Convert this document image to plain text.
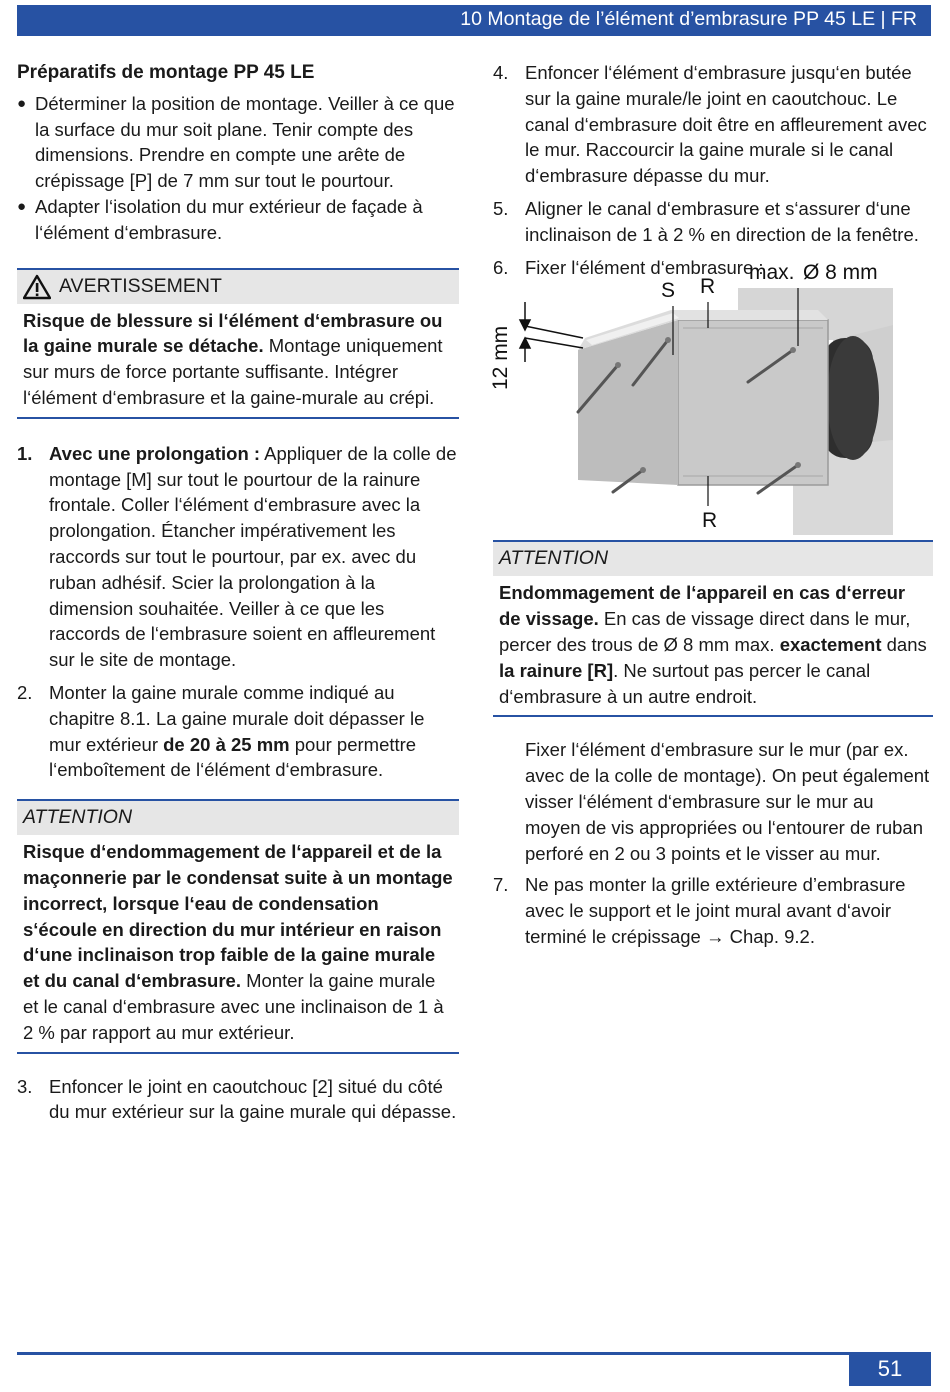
10 Montage de l’élément d’embrasure PP 45 LE | FR

Préparatifs de montage PP 45 LE

● Déterminer la position de montage. Veiller à ce que la surface du mur soit plane. Tenir compte des dimensions. Prendre en compte une arête de crépissage [P] de 7 mm sur tout le pourtour.
● Adapter l‘isolation du mur extérieur de façade à l‘élément d‘embrasure.
AVERTISSEMENT
Risque de blessure si l‘élément d‘embrasure ou la gaine murale se détache. Montage uniquement sur murs de force portante suffisante. Intégrer l‘élément d‘embrasure et la gaine-murale au crépi.
1. Avec une prolongation : Appliquer de la colle de montage [M] sur tout le pourtour de la rainure frontale. Coller l‘élément d‘embrasure avec la prolongation. Étancher impérativement les raccords sur tout le pourtour, par ex. avec du ruban adhésif. Scier la prolongation à la dimension souhaitée. Veiller à ce que les raccords de l‘embrasure soient en affleurement sur le site de montage.
2. Monter la gaine murale comme indiqué au chapitre 8.1. La gaine murale doit dépasser le mur extérieur de 20 à 25 mm pour permettre l‘emboîtement de l‘élément d‘embrasure.
ATTENTION
Risque d‘endommagement de l‘appareil et de la maçonnerie par le condensat suite à un montage incorrect, lorsque l‘eau de condensation s‘écoule en direction du mur intérieur en raison d‘une inclinaison trop faible de la gaine murale et du canal d‘embrasure. Monter la gaine murale et le canal d‘embrasure avec une inclinaison de 1 à 2 % par rapport au mur extérieur.
3. Enfoncer le joint en caoutchouc [2] situé du côté du mur extérieur sur la gaine murale qui dépasse.
4. Enfoncer l‘élément d‘embrasure jusqu‘en butée sur la gaine murale/le joint en caoutchouc. Le canal d‘embrasure doit être en affleurement avec le mur. Raccourcir la gaine murale si le canal d‘embrasure dépasse du mur.
5. Aligner le canal d‘embrasure et s‘assurer d‘une inclinaison de 1 à 2 % en direction de la fenêtre.
6. Fixer l‘élément d‘embrasure :
S R
max. Ø 8 mm
R
12 mm
ATTENTION
Endommagement de l‘appareil en cas d‘erreur de vissage. En cas de vissage direct dans le mur, percer des trous de Ø 8 mm max. exactement dans la rainure [R]. Ne surtout pas percer le canal d‘embrasure à un autre endroit.

Fixer l‘élément d‘embrasure sur le mur (par ex. avec de la colle de montage). On peut également visser l‘élément d‘embrasure sur le mur au moyen de vis appropriées ou l‘entourer de ruban perforé en 2 ou 3 points et le visser au mur.

7. Ne pas monter la grille extérieure d’embrasure avec le support et le joint mural avant d‘avoir terminé le crépissage → Chap. 9.2.
51
